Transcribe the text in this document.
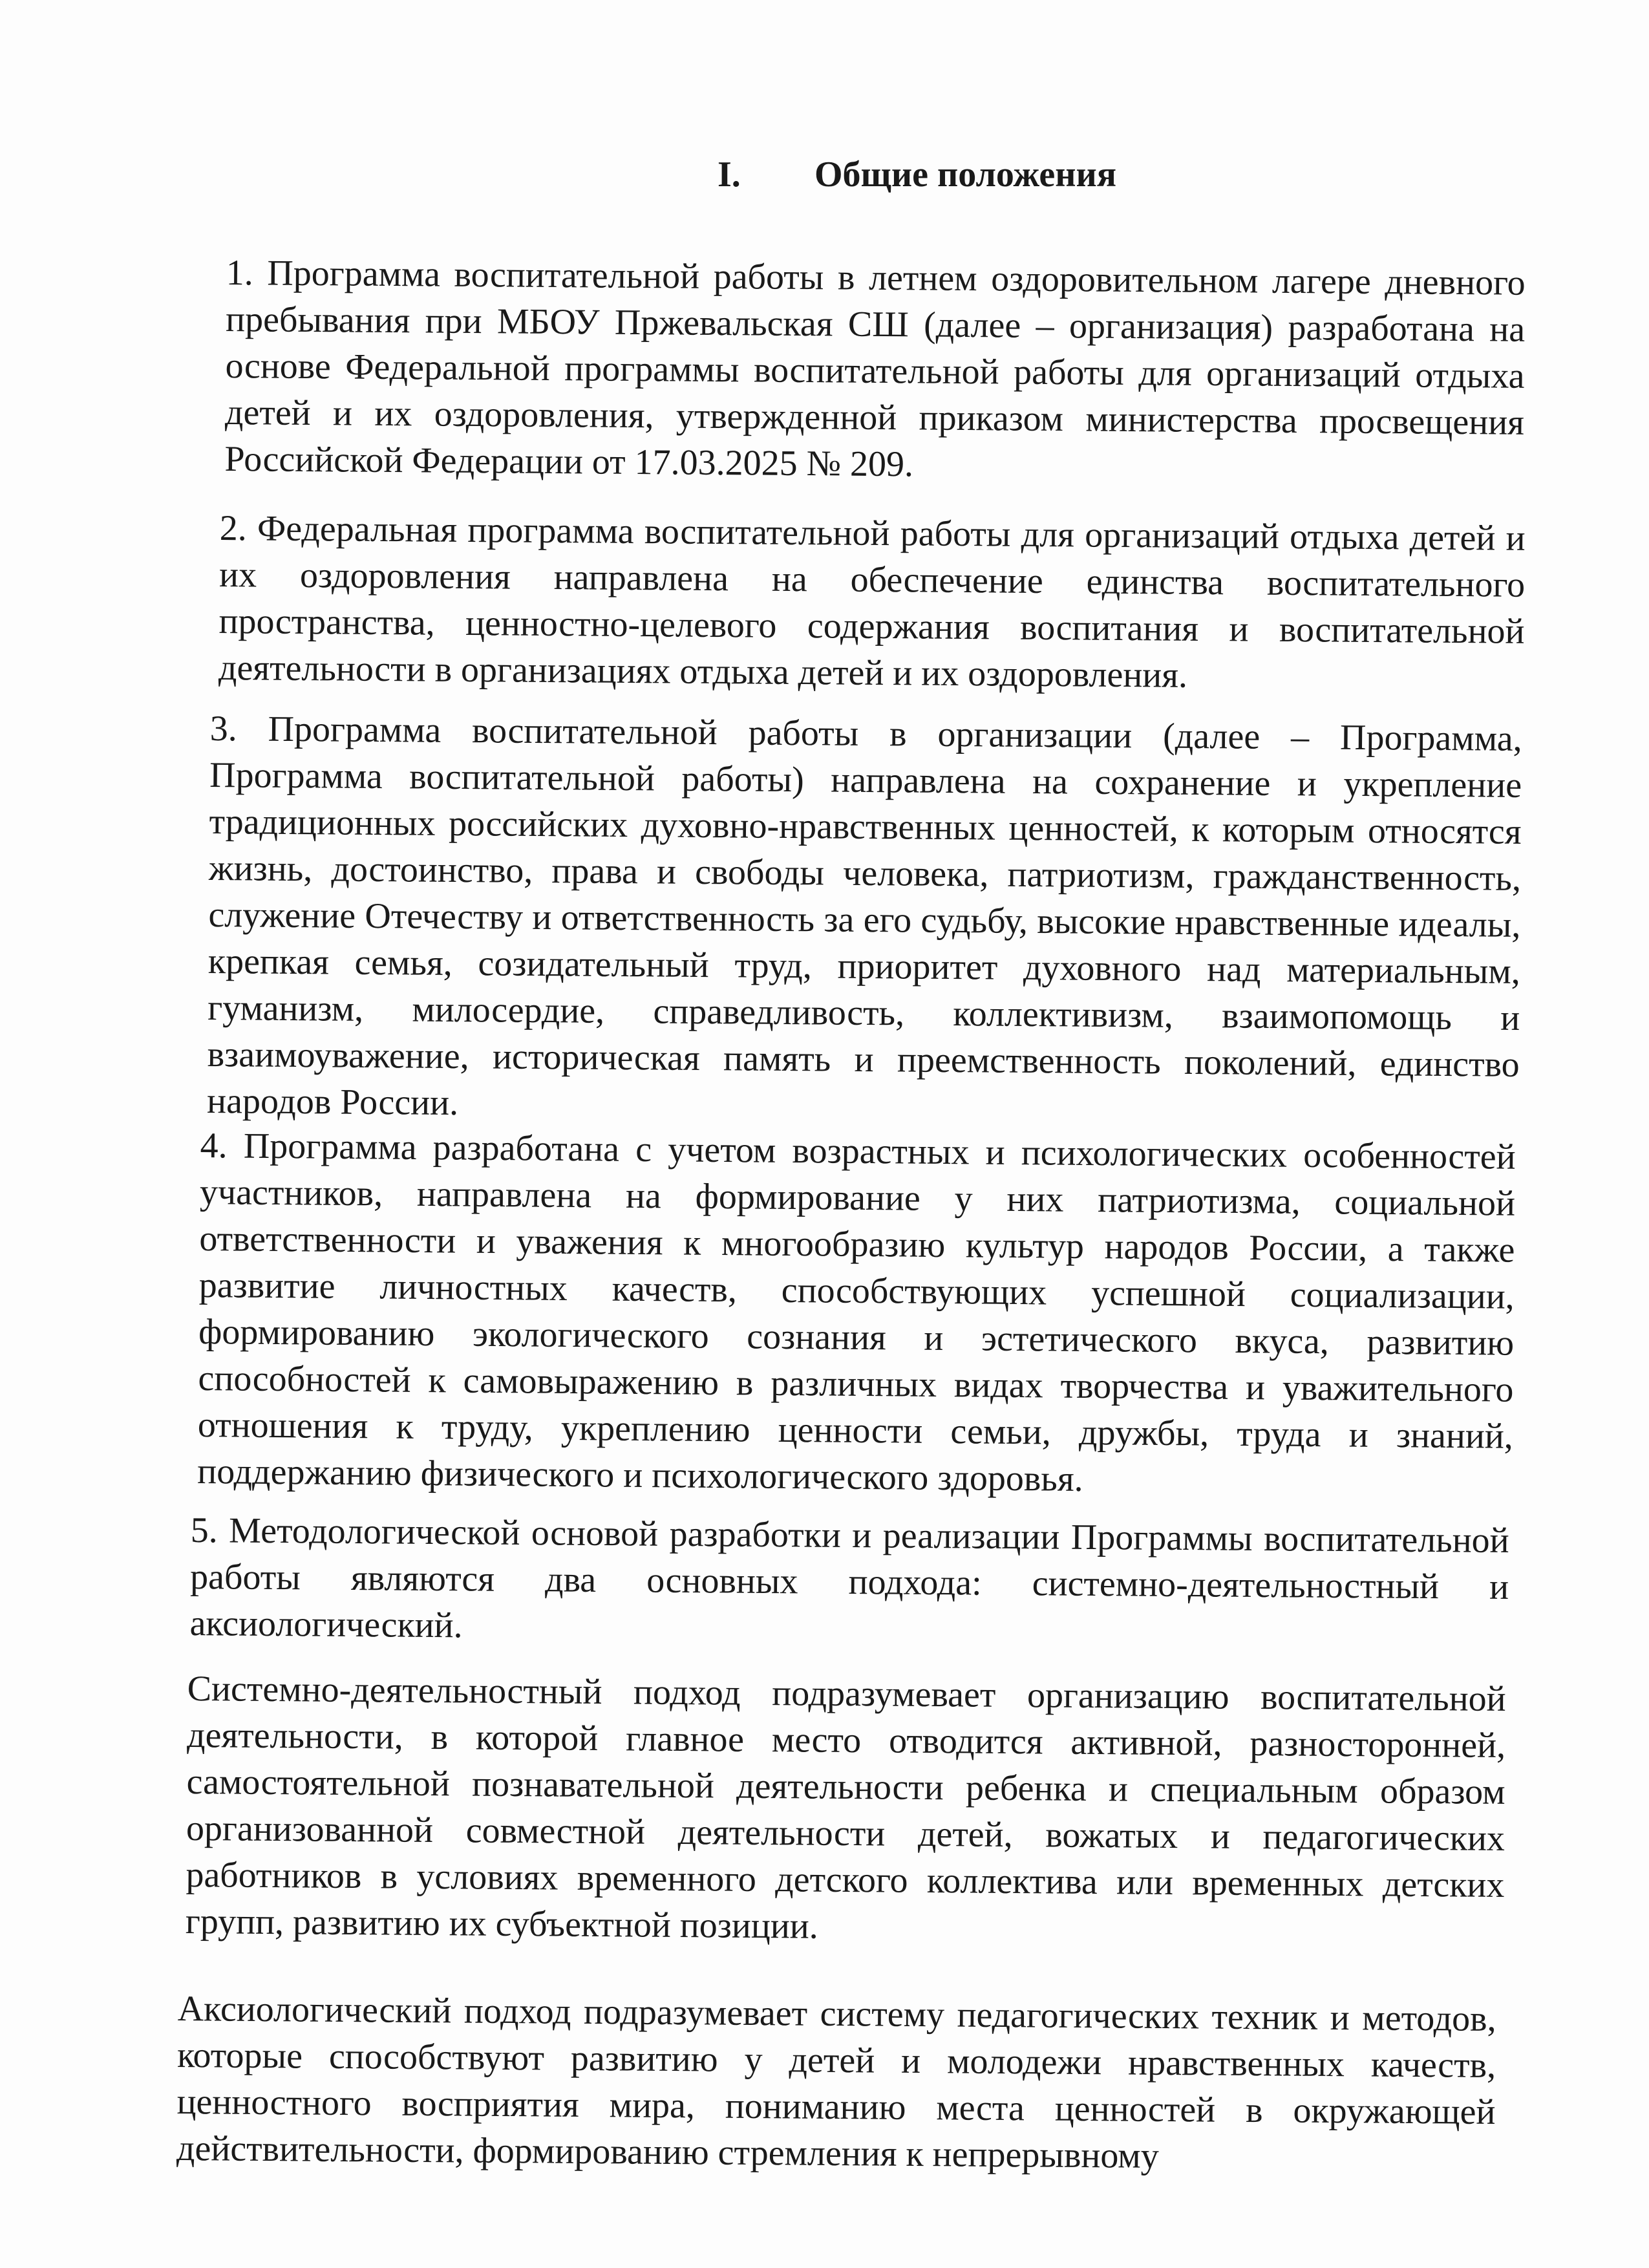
I. Общие положения

1. Программа воспитательной работы в летнем оздоровительном лагере дневного пребывания при МБОУ Пржевальская СШ (далее – организация) разработана на основе Федеральной программы воспитательной работы для организаций отдыха детей и их оздоровления, утвержденной приказом министерства просвещения Российской Федерации от 17.03.2025 № 209.

2. Федеральная программа воспитательной работы для организаций отдыха детей и их оздоровления направлена на обеспечение единства воспитательного пространства, ценностно-целевого содержания воспитания и воспитательной деятельности в организациях отдыха детей и их оздоровления.

3. Программа воспитательной работы в организации (далее – Программа, Программа воспитательной работы) направлена на сохранение и укрепление традиционных российских духовно-нравственных ценностей, к которым относятся жизнь, достоинство, права и свободы человека, патриотизм, гражданственность, служение Отечеству и ответственность за его судьбу, высокие нравственные идеалы, крепкая семья, созидательный труд, приоритет духовного над материальным, гуманизм, милосердие, справедливость, коллективизм, взаимопомощь и взаимоуважение, историческая память и преемственность поколений, единство народов России.

4. Программа разработана с учетом возрастных и психологических особенностей участников, направлена на формирование у них патриотизма, социальной ответственности и уважения к многообразию культур народов России, а также развитие личностных качеств, способствующих успешной социализации, формированию экологического сознания и эстетического вкуса, развитию способностей к самовыражению в различных видах творчества и уважительного отношения к труду, укреплению ценности семьи, дружбы, труда и знаний, поддержанию физического и психологического здоровья.

5. Методологической основой разработки и реализации Программы воспитательной работы являются два основных подхода: системно-деятельностный и аксиологический.

Системно-деятельностный подход подразумевает организацию воспитательной деятельности, в которой главное место отводится активной, разносторонней, самостоятельной познавательной деятельности ребенка и специальным образом организованной совместной деятельности детей, вожатых и педагогических работников в условиях временного детского коллектива или временных детских групп, развитию их субъектной позиции.

Аксиологический подход подразумевает систему педагогических техник и методов, которые способствуют развитию у детей и молодежи нравственных качеств, ценностного восприятия мира, пониманию места ценностей в окружающей действительности, формированию стремления к непрерывному
